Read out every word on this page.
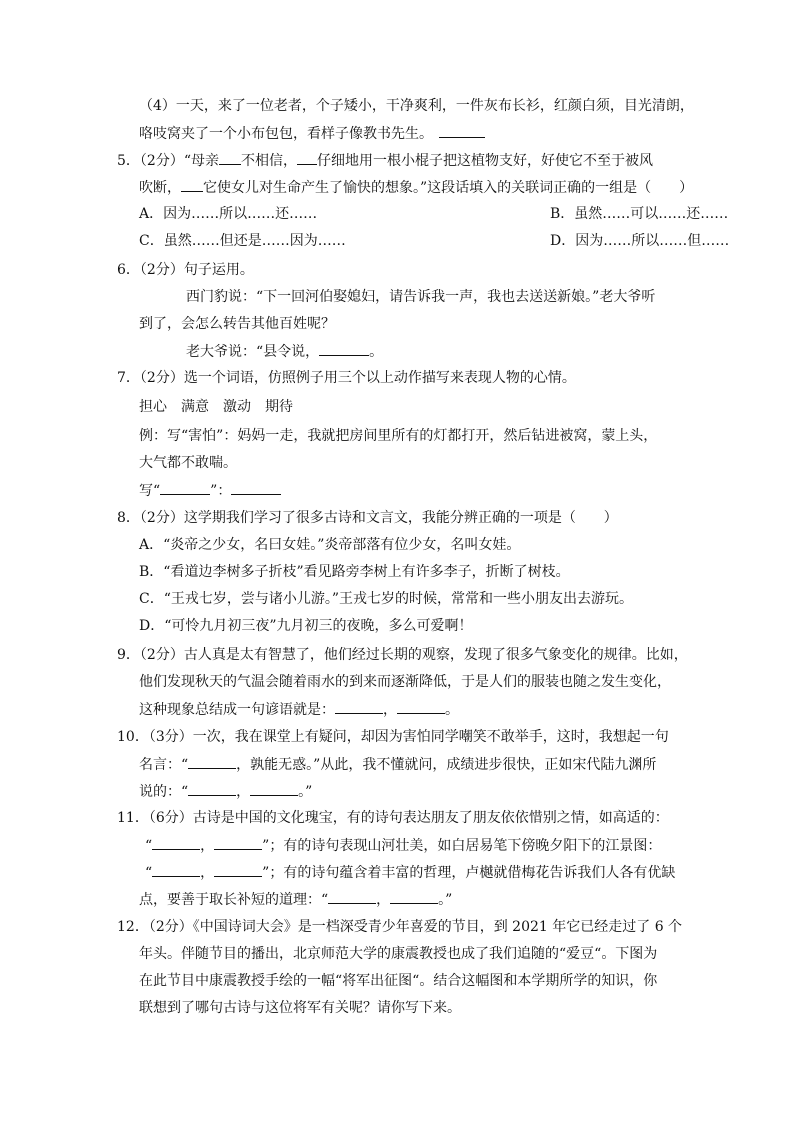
（4）一天，来了一位老者，个子矮小，干净爽利，一件灰布长衫，红颜白须，目光清朗，
咯吱窝夹了一个小布包包，看样子像教书先生。
5．（2分）“母亲 不相信， 仔细地用一根小棍子把这植物支好，好使它不至于被风
吹断， 它使女儿对生命产生了愉快的想象。”这段话填入的关联词正确的一组是（　　）
A．因为……所以……还……	B．虽然……可以……还……
C．虽然……但还是……因为……	D．因为……所以……但……
6．（2分）句子运用。
西门豹说：“下一回河伯娶媳妇，请告诉我一声，我也去送送新娘。”老大爷听
到了，会怎么转告其他百姓呢？
老大爷说：“县令说，	。
7．（2分）选一个词语，仿照例子用三个以上动作描写来表现人物的心情。
担心　满意　激动　期待
例：写“害怕”：妈妈一走，我就把房间里所有的灯都打开，然后钻进被窝，蒙上头，
大气都不敢喘。
写“	”：
8．（2分）这学期我们学习了很多古诗和文言文，我能分辨正确的一项是（　　）
A．“炎帝之少女，名曰女娃。”炎帝部落有位少女，名叫女娃。
B．“看道边李树多子折枝”看见路旁李树上有许多李子，折断了树枝。
C．“王戎七岁，尝与诸小儿游。”王戎七岁的时候，常常和一些小朋友出去游玩。
D．“可怜九月初三夜”九月初三的夜晚，多么可爱啊！
9．（2分）古人真是太有智慧了，他们经过长期的观察，发现了很多气象变化的规律。比如，
他们发现秋天的气温会随着雨水的到来而逐渐降低，于是人们的服装也随之发生变化，
这种现象总结成一句谚语就是：	，	。
10．（3分）一次，我在课堂上有疑问，却因为害怕同学嘲笑不敢举手，这时，我想起一句
名言：“	，孰能无惑。”从此，我不懂就问，成绩进步很快，正如宋代陆九渊所
说的：“	，	。”
11．（6分）古诗是中国的文化瑰宝，有的诗句表达朋友了朋友依依惜别之情，如高适的：
“	，	”；有的诗句表现山河壮美，如白居易笔下傍晚夕阳下的江景图：
“	，	”；有的诗句蕴含着丰富的哲理，卢樾就借梅花告诉我们人各有优缺
点，要善于取长补短的道理：“	，	。”
12．（2分）《中国诗词大会》是一档深受青少年喜爱的节目，到 2021 年它已经走过了 6 个
年头。伴随节目的播出，北京师范大学的康震教授也成了我们追随的“爱豆“。下图为
在此节目中康震教授手绘的一幅“将军出征图“。结合这幅图和本学期所学的知识，你
联想到了哪句古诗与这位将军有关呢？请你写下来。
